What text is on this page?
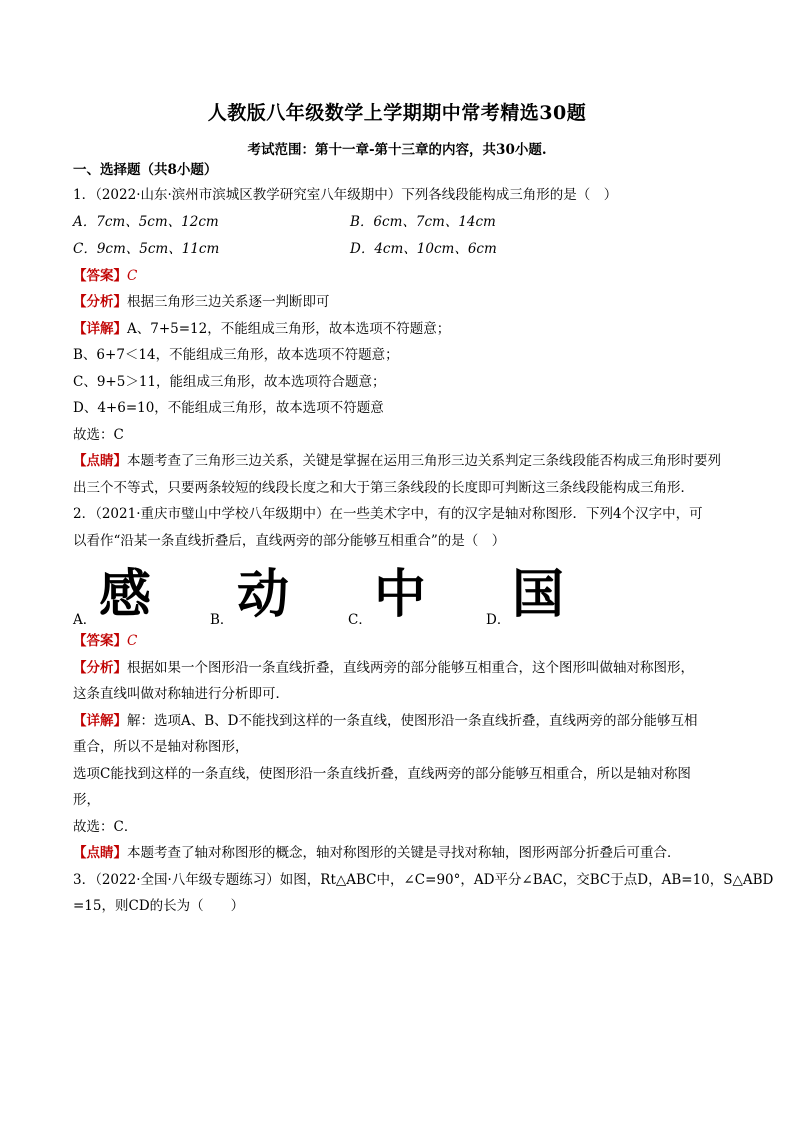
人教版八年级数学上学期期中常考精选30题
考试范围：第十一章-第十三章的内容，共30小题.
一、选择题（共8小题）
1．（2022·山东·滨州市滨城区教学研究室八年级期中）下列各线段能构成三角形的是（　）
A．7cm、5cm、12cm	B．6cm、7cm、14cm
C．9cm、5cm、11cm	D．4cm、10cm、6cm
【答案】C
【分析】根据三角形三边关系逐一判断即可
【详解】A、7+5=12，不能组成三角形，故本选项不符题意；
B、6+7＜14，不能组成三角形，故本选项不符题意；
C、9+5＞11，能组成三角形，故本选项符合题意；
D、4+6=10，不能组成三角形，故本选项不符题意
故选：C
【点睛】本题考查了三角形三边关系，关键是掌握在运用三角形三边关系判定三条线段能否构成三角形时要列出三个不等式，只要两条较短的线段长度之和大于第三条线段的长度即可判断这三条线段能构成三角形．
2．（2021·重庆市璧山中学校八年级期中）在一些美术字中，有的汉字是轴对称图形．下列4个汉字中，可
以看作“沿某一条直线折叠后，直线两旁的部分能够互相重合”的是（　）
A． 感	B． 动	C． 中	D． 国
【答案】C
【分析】根据如果一个图形沿一条直线折叠，直线两旁的部分能够互相重合，这个图形叫做轴对称图形，
这条直线叫做对称轴进行分析即可．
【详解】解：选项A、B、D不能找到这样的一条直线，使图形沿一条直线折叠，直线两旁的部分能够互相
重合，所以不是轴对称图形，
选项C能找到这样的一条直线，使图形沿一条直线折叠，直线两旁的部分能够互相重合，所以是轴对称图
形，
故选：C．
【点睛】本题考查了轴对称图形的概念，轴对称图形的关键是寻找对称轴，图形两部分折叠后可重合．
3．（2022·全国·八年级专题练习）如图，Rt△ABC中，∠C=90°，AD平分∠BAC，交BC于点D，AB=10，S△ABD
=15，则CD的长为（　　）
